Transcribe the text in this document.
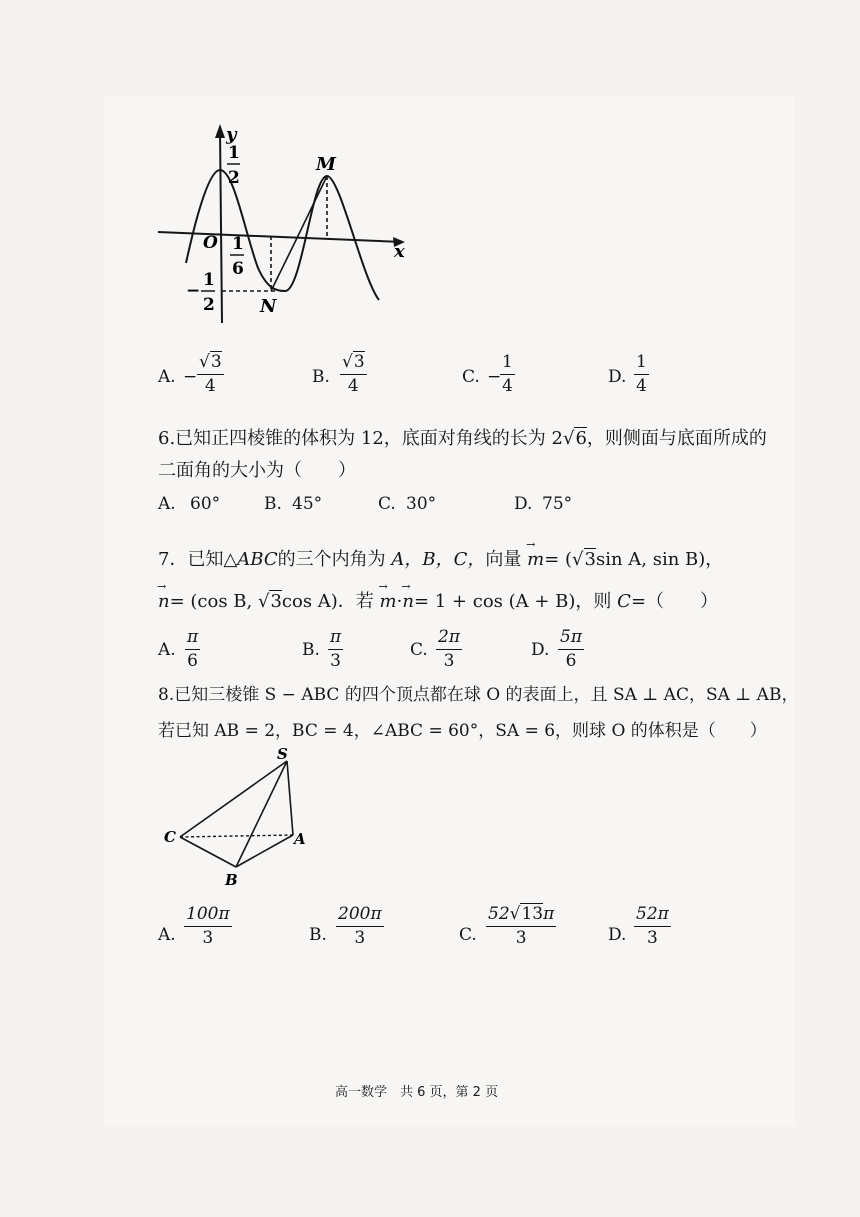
y
x
O
M
N
1
2
1
6
−
1
2
A. − $\frac{√3}{4}$	B. $\frac{√3}{4}$	C. −
$\frac{1}{4}$	D. $\frac{1}{4}$
6.已知正四棱锥的体积为 12，底面对角线的长为 2√6，则侧面与底面所成的
二面角的大小为（　　）
A. 60°	B. 45°	C. 30°	D. 75°
7．已知△ABC的三个内角为 A，B，C，向量 → m= (√3sin A, sin B)，
→ n= (cos B, √3cos A)．若 → m·→ n= 1 + cos (A + B)，则 C=（　　）
A. $\frac{\pi}{6}$	B. $\frac{\pi}{3}$	C. $\frac{2\pi}{3}$	D. $\frac{5\pi}{6}$
8.已知三棱锥 S − ABC 的四个顶点都在球 O 的表面上，且 SA ⊥ AC，SA ⊥ AB，
若已知 AB = 2，BC = 4，∠ABC = 60°，SA = 6，则球 O 的体积是（　　）
S
C	A
B
A. $\frac{100\pi}{3}$	B. $\frac{200\pi}{3}$	C. $\frac{52√13\pi}{3}$	D. $\frac{52\pi}{3}$
高一数学　共 6 页，第 2 页
